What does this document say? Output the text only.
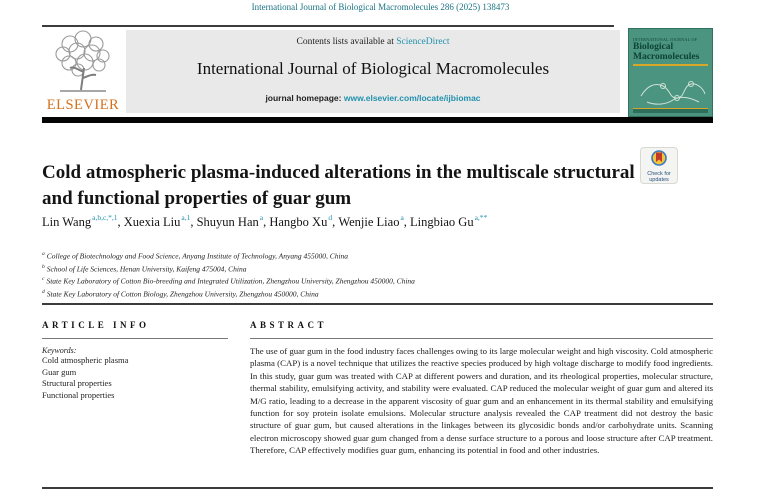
International Journal of Biological Macromolecules 286 (2025) 138473
ELSEVIER
Contents lists available at ScienceDirect
International Journal of Biological Macromolecules
journal homepage: www.elsevier.com/locate/ijbiomac
INTERNATIONAL JOURNAL OF
Biological
Macromolecules
Cold atmospheric plasma-induced alterations in the multiscale structural and functional properties of guar gum
Check for
updates
Lin Wang$^{a,b,c,*,1}$ , Xuexia Liu$^{a,1}$ , Shuyun Han$^a$ , Hangbo Xu$^d$ , Wenjie Liao$^a$ , Lingbiao $Gu^{a,**}$
$^a$ College of Biotechnology and Food Science, Anyang Institute of Technology, Anyang 455000, China
$^b$ School of Life Sciences, Henan University, Kaifeng 475004, China
$^c$ State Key Laboratory of Cotton Bio-breeding and Integrated Utilization, Zhengzhou University, Zhengzhou 450000, China
$^d$ State Key Laboratory of Cotton Biology, Zhengzhou University, Zhengzhou 450000, China
ARTICLE INFO
Keywords:
Cold atmospheric plasma
Guar gum
Structural properties
Functional properties
ABSTRACT

The use of guar gum in the food industry faces challenges owing to its large molecular weight and high viscosity. Cold atmospheric plasma (CAP) is a novel technique that utilizes the reactive species produced by high voltage discharge to modify food ingredients. In this study, guar gum was treated with CAP at different powers and duration, and its rheological properties, molecular structure, thermal stability, emulsifying activity, and stability were evaluated. CAP reduced the molecular weight of guar gum and altered its M/G ratio, leading to a decrease in the apparent viscosity of guar gum and an enhancement in its thermal stability and emulsifying function for soy protein isolate emulsions. Molecular structure analysis revealed the CAP treatment did not destroy the basic structure of guar gum, but caused alterations in the linkages between its glycosidic bonds and/or carbohydrate units. Scanning electron microscopy showed guar gum changed from a dense surface structure to a porous and loose structure after CAP treatment. Therefore, CAP effectively modifies guar gum, enhancing its potential in food and other industries.
